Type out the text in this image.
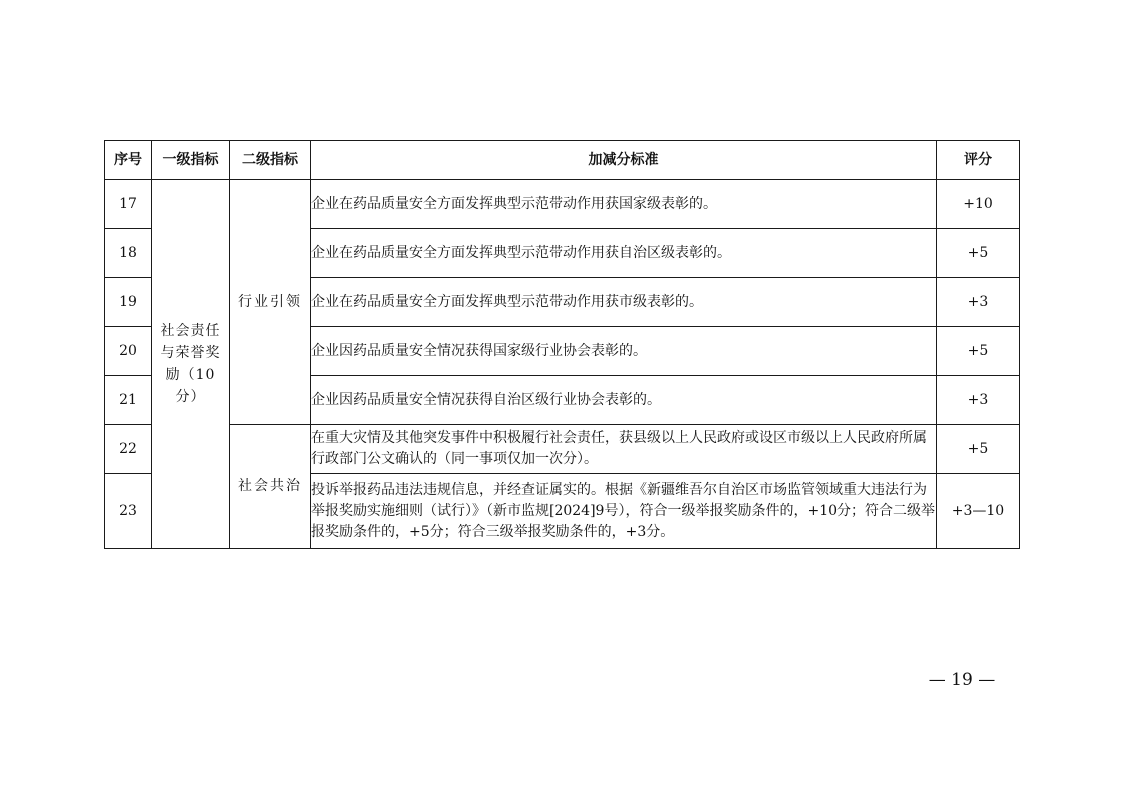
序号	一级指标	二级指标	加减分标准	评分
17	社会责任与荣誉奖励（10分）	行业引领	企业在药品质量安全方面发挥典型示范带动作用获国家级表彰的。	+10
18			企业在药品质量安全方面发挥典型示范带动作用获自治区级表彰的。	+5
19			企业在药品质量安全方面发挥典型示范带动作用获市级表彰的。	+3
20			企业因药品质量安全情况获得国家级行业协会表彰的。	+5
21			企业因药品质量安全情况获得自治区级行业协会表彰的。	+3
22		社会共治	在重大灾情及其他突发事件中积极履行社会责任，获县级以上人民政府或设区市级以上人民政府所属行政部门公文确认的（同一事项仅加一次分）。	+5
23			投诉举报药品违法违规信息，并经查证属实的。根据《新疆维吾尔自治区市场监管领域重大违法行为举报奖励实施细则（试行）》（新市监规[2024]9号），符合一级举报奖励条件的，+10分；符合二级举报奖励条件的，+5分；符合三级举报奖励条件的，+3分。	+3—10
— 19 —
